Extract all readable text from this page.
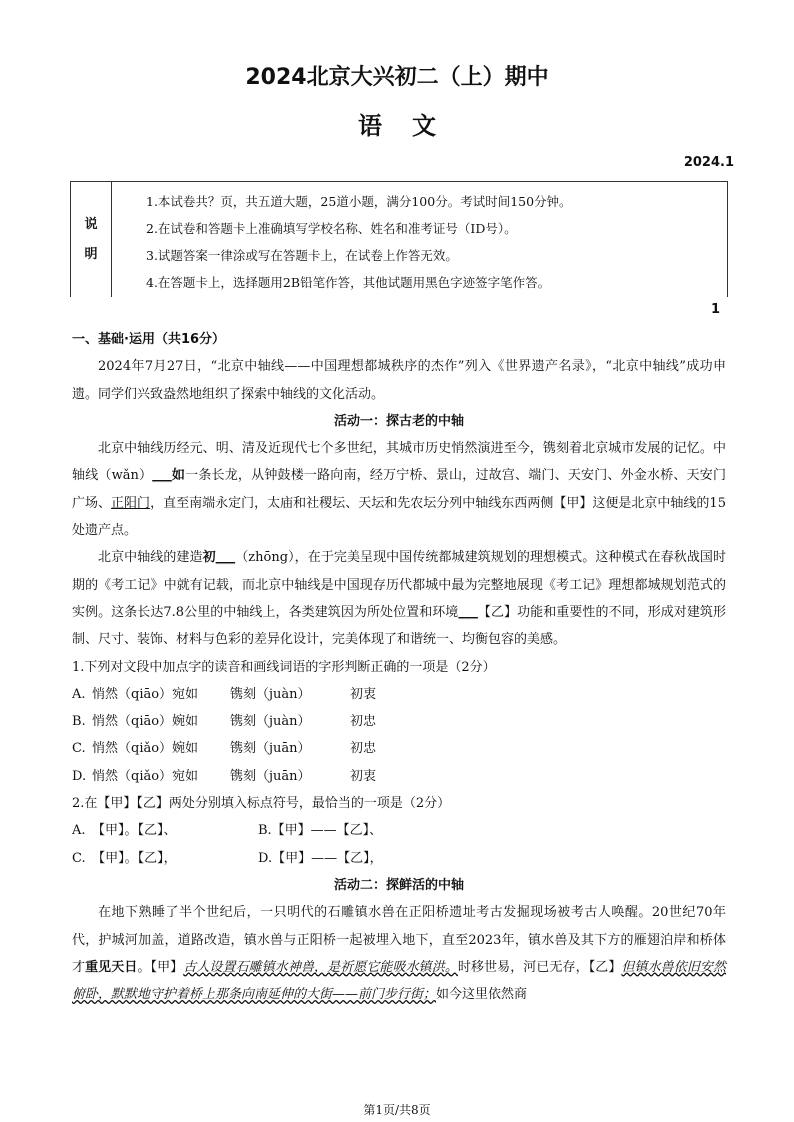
2024北京大兴初二（上）期中
语文
2024.1
说
明
1.本试卷共？页，共五道大题，25道小题，满分100分。考试时间150分钟。
2.在试卷和答题卡上准确填写学校名称、姓名和准考证号（ID号）。
3.试题答案一律涂或写在答题卡上，在试卷上作答无效。
4.在答题卡上，选择题用2B铅笔作答，其他试题用黑色字迹签字笔作答。
1
一、基础·运用（共16分）

2024年7月27日，“北京中轴线——中国理想都城秩序的杰作”列入《世界遗产名录》，“北京中轴线”成功申遗。同学们兴致盎然地组织了探索中轴线的文化活动。

活动一：探古老的中轴

北京中轴线历经元、明、清及近现代七个多世纪，其城市历史悄然演进至今，镌刻着北京城市发展的记忆。中轴线（wǎn）___如一条长龙，从钟鼓楼一路向南，经万宁桥、景山，过故宫、端门、天安门、外金水桥、天安门广场、正阳门，直至南端永定门，太庙和社稷坛、天坛和先农坛分列中轴线东西两侧【甲】这便是北京中轴线的15处遗产点。

北京中轴线的建造初___（zhōng），在于完美呈现中国传统都城建筑规划的理想模式。这种模式在春秋战国时期的《考工记》中就有记载，而北京中轴线是中国现存历代都城中最为完整地展现《考工记》理想都城规划范式的实例。这条长达7.8公里的中轴线上，各类建筑因为所处位置和环境___【乙】功能和重要性的不同，形成对建筑形制、尺寸、装饰、材料与色彩的差异化设计，完美体现了和谐统一、均衡包容的美感。

1.下列对文段中加点字的读音和画线词语的字形判断正确的一项是（2分）

A. 悄然（qiāo） 宛如	镌刻（juàn）	初衷
B. 悄然（qiāo） 婉如	镌刻（juàn）	初忠
C. 悄然（qiǎo） 婉如	镌刻（juān）	初忠
D. 悄然（qiǎo） 宛如	镌刻（juān）	初衷

2.在【甲】【乙】两处分别填入标点符号，最恰当的一项是（2分）

A.　【甲】。【乙】、	B.【甲】——【乙】、
C.　【甲】。【乙】，	D.【甲】——【乙】，

活动二：探鲜活的中轴

在地下熟睡了半个世纪后，一只明代的石雕镇水兽在正阳桥遗址考古发掘现场被考古人唤醒。20世纪70年代，护城河加盖，道路改造，镇水兽与正阳桥一起被埋入地下，直至2023年，镇水兽及其下方的雁翅泊岸和桥体才重见天日。【甲】古人设置石雕镇水神兽，是祈愿它能吸水镇洪。时移世易，河已无存，【乙】但镇水兽依旧安然俯卧，默默地守护着桥上那条向南延伸的大街——前门步行街；如今这里依然商

第1页/共8页
